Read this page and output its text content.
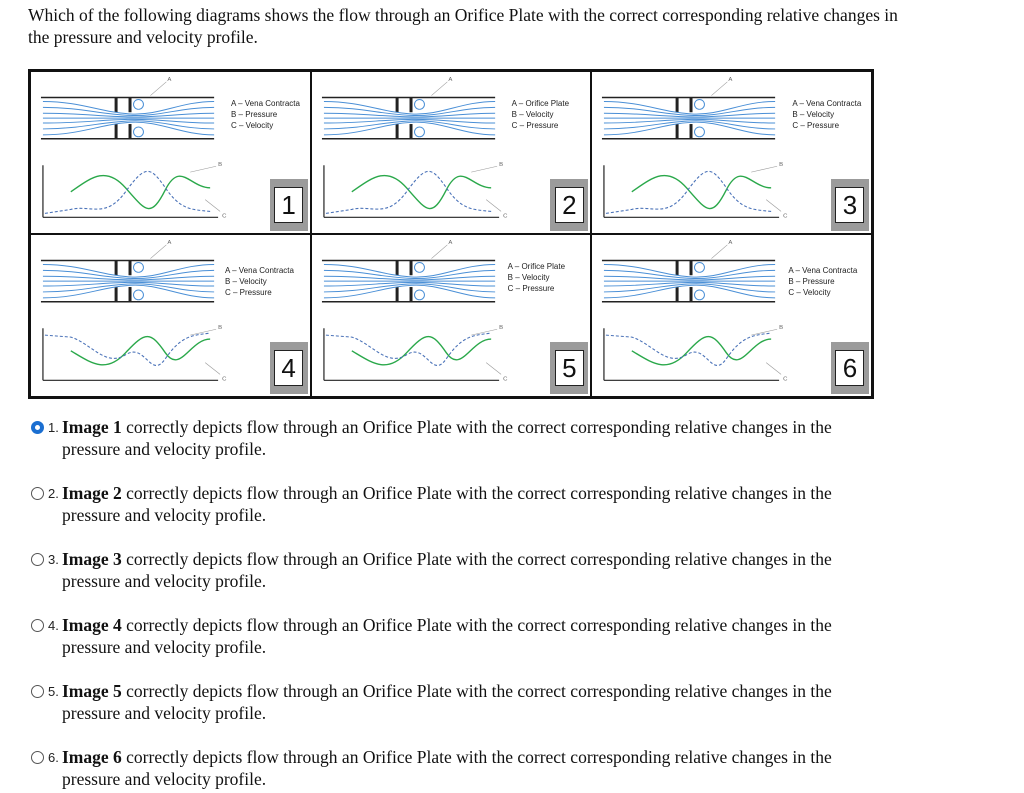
Which of the following diagrams shows the flow through an Orifice Plate with the correct corresponding relative changes in the pressure and velocity profile.

A
B
C
A – Vena Contracta
B – Pressure
C – Velocity
1
A
B
C
A – Orifice Plate
B – Velocity
C – Pressure
2
A
B
C
A – Vena Contracta
B – Velocity
C – Pressure
3
A
B
C
A – Vena Contracta
B – Velocity
C – Pressure
4
A
B
C
A – Orifice Plate
B – Velocity
C – Pressure
5
A
B
C
A – Vena Contracta
B – Pressure
C – Velocity
6
1. Image 1 correctly depicts flow through an Orifice Plate with the correct corresponding relative changes in the pressure and velocity profile.

2. Image 2 correctly depicts flow through an Orifice Plate with the correct corresponding relative changes in the pressure and velocity profile.

3. Image 3 correctly depicts flow through an Orifice Plate with the correct corresponding relative changes in the pressure and velocity profile.

4. Image 4 correctly depicts flow through an Orifice Plate with the correct corresponding relative changes in the pressure and velocity profile.

5. Image 5 correctly depicts flow through an Orifice Plate with the correct corresponding relative changes in the pressure and velocity profile.

6. Image 6 correctly depicts flow through an Orifice Plate with the correct corresponding relative changes in the pressure and velocity profile.
